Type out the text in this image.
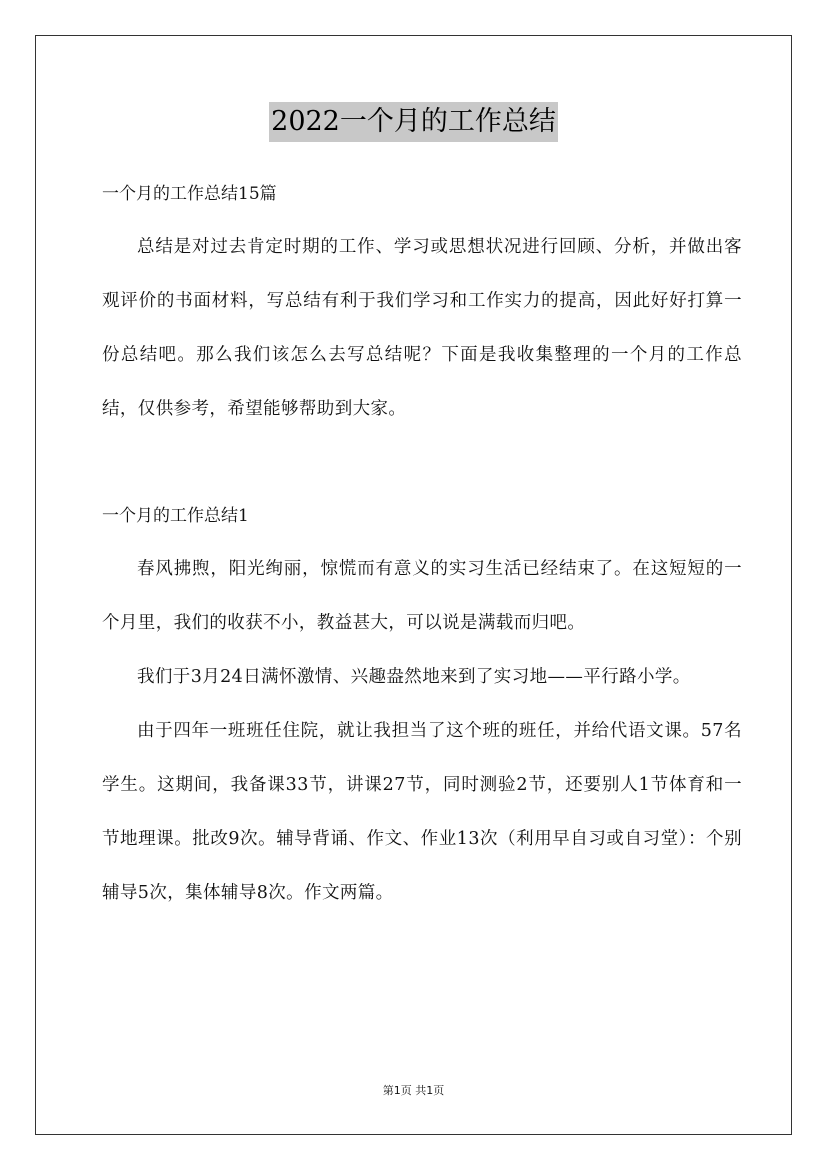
2022一个月的工作总结

一个月的工作总结15篇

总结是对过去肯定时期的工作、学习或思想状况进行回顾、分析，并做出客观评价的书面材料，写总结有利于我们学习和工作实力的提高，因此好好打算一份总结吧。那么我们该怎么去写总结呢？下面是我收集整理的一个月的工作总结，仅供参考，希望能够帮助到大家。

一个月的工作总结1

春风拂煦，阳光绚丽，惊慌而有意义的实习生活已经结束了。在这短短的一个月里，我们的收获不小，教益甚大，可以说是满载而归吧。

我们于3月24日满怀激情、兴趣盎然地来到了实习地——平行路小学。

由于四年一班班任住院，就让我担当了这个班的班任，并给代语文课。57名学生。这期间，我备课33节，讲课27节，同时测验2节，还要别人1节体育和一节地理课。批改9次。辅导背诵、作文、作业13次（利用早自习或自习堂）：个别辅导5次，集体辅导8次。作文两篇。

第1页 共1页
